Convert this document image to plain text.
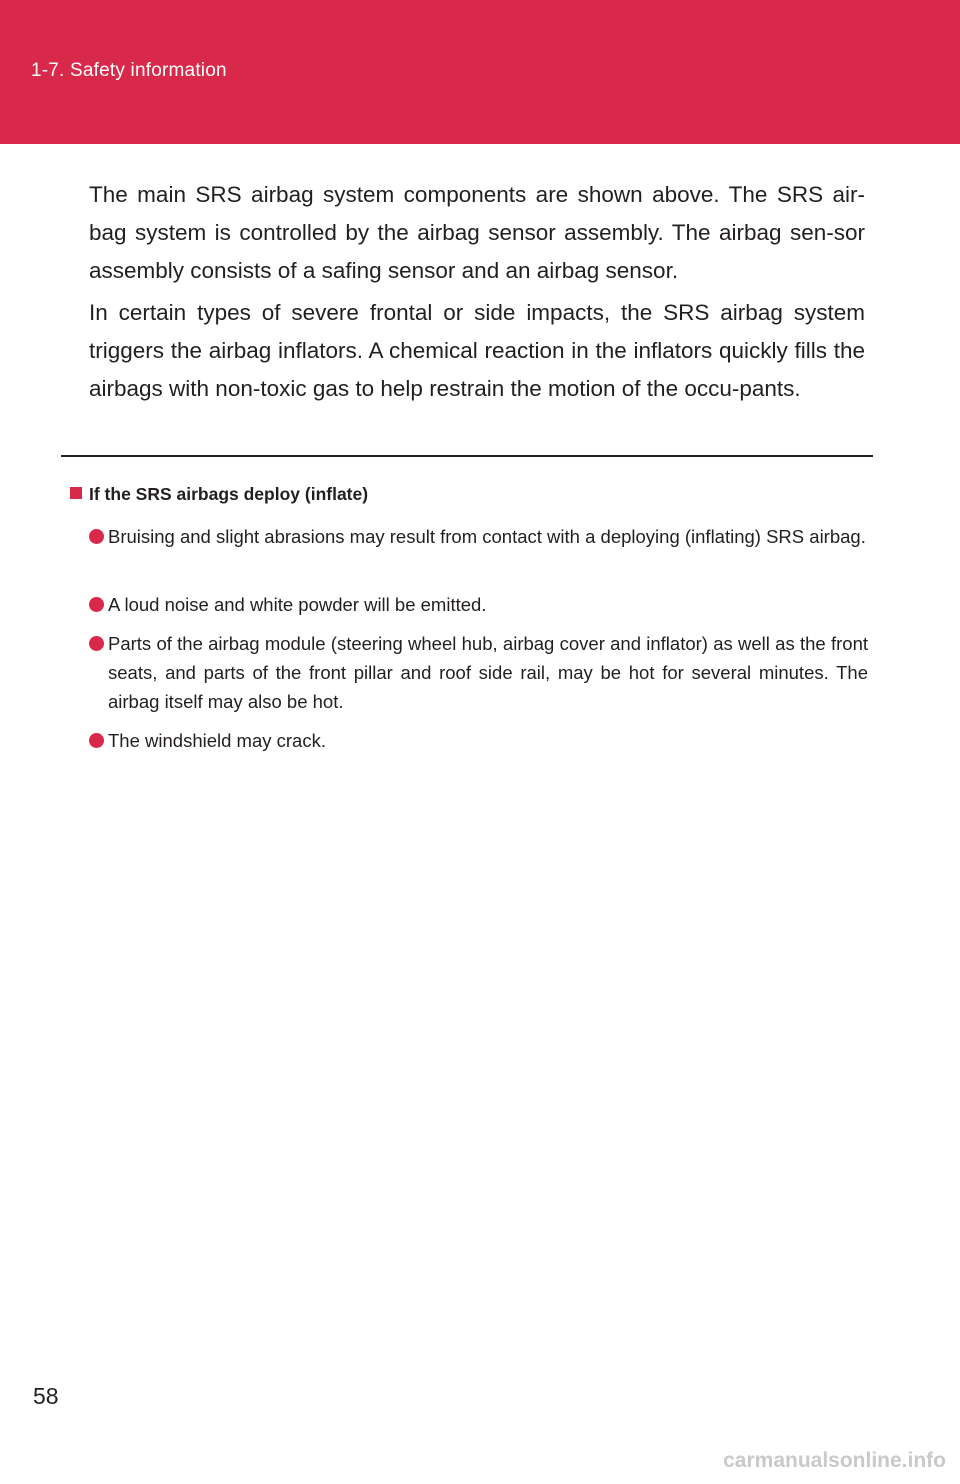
1-7. Safety information

The main SRS airbag system components are shown above. The SRS air-bag system is controlled by the airbag sensor assembly. The airbag sen-sor assembly consists of a safing sensor and an airbag sensor.

In certain types of severe frontal or side impacts, the SRS airbag system triggers the airbag inflators. A chemical reaction in the inflators quickly fills the airbags with non-toxic gas to help restrain the motion of the occu-pants.

If the SRS airbags deploy (inflate)
Bruising and slight abrasions may result from contact with a deploying (inflating) SRS airbag.
A loud noise and white powder will be emitted.
Parts of the airbag module (steering wheel hub, airbag cover and inflator) as well as the front seats, and parts of the front pillar and roof side rail, may be hot for several minutes. The airbag itself may also be hot.
The windshield may crack.
58
carmanualsonline.info
